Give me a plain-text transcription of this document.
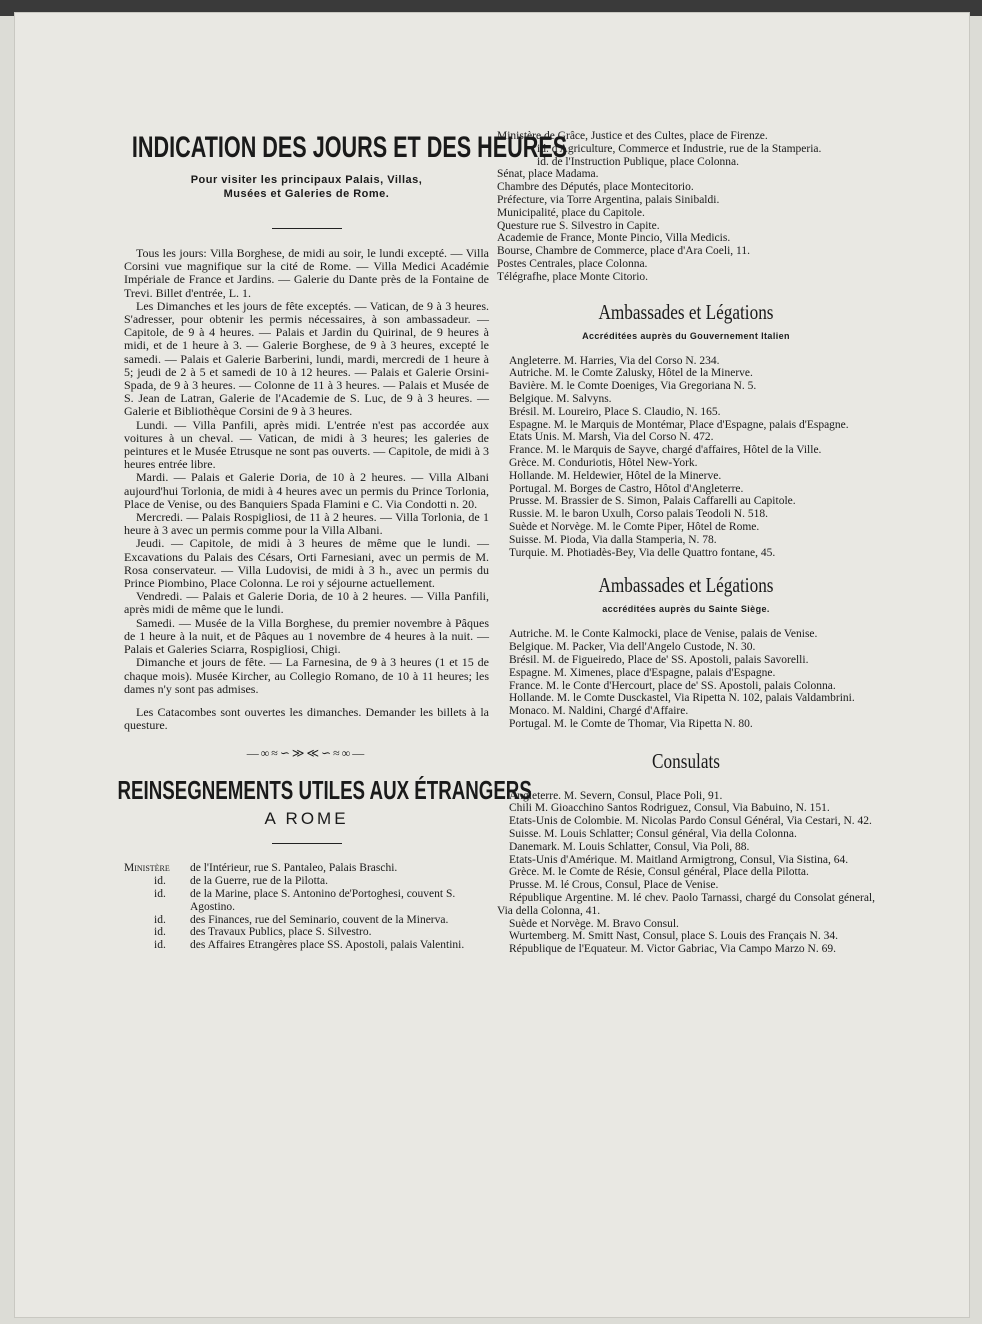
INDICATION DES JOURS ET DES HEURES
Pour visiter les principaux Palais, Villas,
Musées et Galeries de Rome.

Tous les jours: Villa Borghese, de midi au soir, le lundi excepté. — Villa Corsini vue magnifique sur la cité de Rome. — Villa Medici Académie Impériale de France et Jardins. — Galerie du Dante près de la Fontaine de Trevi. Billet d'entrée, L. 1.

Les Dimanches et les jours de fête exceptés. — Vatican, de 9 à 3 heures. S'adresser, pour obtenir les permis nécessaires, à son ambassadeur. — Capitole, de 9 à 4 heures. — Palais et Jardin du Quirinal, de 9 heures à midi, et de 1 heure à 3. — Galerie Borghese, de 9 à 3 heures, excepté le samedi. — Palais et Galerie Barberini, lundi, mardi, mercredi de 1 heure à 5; jeudi de 2 à 5 et samedi de 10 à 12 heures. — Palais et Galerie Orsini-Spada, de 9 à 3 heures. — Colonne de 11 à 3 heures. — Palais et Musée de S. Jean de Latran, Galerie de l'Academie de S. Luc, de 9 à 3 heures. — Galerie et Bibliothèque Corsini de 9 à 3 heures.

Lundi. — Villa Panfili, après midi. L'entrée n'est pas accordée aux voitures à un cheval. — Vatican, de midi à 3 heures; les galeries de peintures et le Musée Etrusque ne sont pas ouverts. — Capitole, de midi à 3 heures entrée libre.

Mardi. — Palais et Galerie Doria, de 10 à 2 heures. — Villa Albani aujourd'hui Torlonia, de midi à 4 heures avec un permis du Prince Torlonia, Place de Venise, ou des Banquiers Spada Flamini e C. Via Condotti n. 20.

Mercredi. — Palais Rospigliosi, de 11 à 2 heures. — Villa Torlonia, de 1 heure à 3 avec un permis comme pour la Villa Albani.

Jeudi. — Capitole, de midi à 3 heures de même que le lundi. — Excavations du Palais des Césars, Orti Farnesiani, avec un permis de M. Rosa conservateur. — Villa Ludovisi, de midi à 3 h., avec un permis du Prince Piombino, Place Colonna. Le roi y séjourne actuellement.

Vendredi. — Palais et Galerie Doria, de 10 à 2 heures. — Villa Panfili, après midi de même que le lundi.

Samedi. — Musée de la Villa Borghese, du premier novembre à Pâques de 1 heure à la nuit, et de Pâques au 1 novembre de 4 heures à la nuit. — Palais et Galeries Sciarra, Rospigliosi, Chigi.

Dimanche et jours de fête. — La Farnesina, de 9 à 3 heures (1 et 15 de chaque mois). Musée Kircher, au Collegio Romano, de 10 à 11 heures; les dames n'y sont pas admises.

Les Catacombes sont ouvertes les dimanches. Demander les billets à la questure.

—∞≈∽≫≪∽≈∞—
REINSEGNEMENTS UTILES AUX ÉTRANGERS
A ROME
Ministère	de l'Intérieur, rue S. Pantaleo, Palais Braschi.
id.	de la Guerre, rue de la Pilotta.
id.	de la Marine, place S. Antonino de'Portoghesi, couvent S. Agostino.
id.	des Finances, rue del Seminario, couvent de la Minerva.
id.	des Travaux Publics, place S. Silvestro.
id.	des Affaires Etrangères place SS. Apostoli, palais Valentini.

Ministère de Grâce, Justice et des Cultes, place de Firenze.

id. d'Agriculture, Commerce et Industrie, rue de la Stamperia.

id. de l'Instruction Publique, place Colonna.

Sénat, place Madama.

Chambre des Députés, place Montecitorio.

Préfecture, via Torre Argentina, palais Sinibaldi.

Municipalité, place du Capitole.

Questure rue S. Silvestro in Capite.

Academie de France, Monte Pincio, Villa Medicis.

Bourse, Chambre de Commerce, place d'Ara Coeli, 11.

Postes Centrales, place Colonna.

Télégrafhe, place Monte Citorio.

Ambassades et Légations
Accréditées auprès du Gouvernement Italien

Angleterre. M. Harries, Via del Corso N. 234.

Autriche. M. le Comte Zalusky, Hôtel de la Minerve.

Bavière. M. le Comte Doeniges, Via Gregoriana N. 5.

Belgique. M. Salvyns.

Brésil. M. Loureiro, Place S. Claudio, N. 165.

Espagne. M. le Marquis de Montémar, Place d'Espagne, palais d'Espagne.

Etats Unis. M. Marsh, Via del Corso N. 472.

France. M. le Marquis de Sayve, chargé d'affaires, Hôtel de la Ville.

Grèce. M. Conduriotis, Hôtel New-York.

Hollande. M. Heldewier, Hôtel de la Minerve.

Portugal. M. Borges de Castro, Hôtol d'Angleterre.

Prusse. M. Brassier de S. Simon, Palais Caffarelli au Capitole.

Russie. M. le baron Uxulh, Corso palais Teodoli N. 518.

Suède et Norvège. M. le Comte Piper, Hôtel de Rome.

Suisse. M. Pioda, Via dalla Stamperia, N. 78.

Turquie. M. Photiadès-Bey, Via delle Quattro fontane, 45.

Ambassades et Légations
accréditées auprès du Sainte Siège.

Autriche. M. le Conte Kalmocki, place de Venise, palais de Venise.

Belgique. M. Packer, Via dell'Angelo Custode, N. 30.

Brésil. M. de Figueiredo, Place de' SS. Apostoli, palais Savorelli.

Espagne. M. Ximenes, place d'Espagne, palais d'Espagne.

France. M. le Conte d'Hercourt, place de' SS. Apostoli, palais Colonna.

Hollande. M. le Comte Dusckastel, Via Ripetta N. 102, palais Valdambrini.

Monaco. M. Naldini, Chargé d'Affaire.

Portugal. M. le Comte de Thomar, Via Ripetta N. 80.

Consulats

Angleterre. M. Severn, Consul, Place Poli, 91.

Chili M. Gioacchino Santos Rodriguez, Consul, Via Babuino, N. 151.

Etats-Unis de Colombie. M. Nicolas Pardo Consul Général, Via Cestari, N. 42.

Suisse. M. Louis Schlatter; Consul général, Via della Colonna.

Danemark. M. Louis Schlatter, Consul, Via Poli, 88.

Etats-Unis d'Amérique. M. Maitland Armigtrong, Consul, Via Sistina, 64.

Grèce. M. le Comte de Résie, Consul général, Place della Pilotta.

Prusse. M. lé Crous, Consul, Place de Venise.

République Argentine. M. lé chev. Paolo Tarnassi, chargé du Consolat géneral, Via della Colonna, 41.

Suède et Norvège. M. Bravo Consul.

Wurtemberg. M. Smitt Nast, Consul, place S. Louis des Français N. 34.

République de l'Equateur. M. Victor Gabriac, Via Campo Marzo N. 69.
